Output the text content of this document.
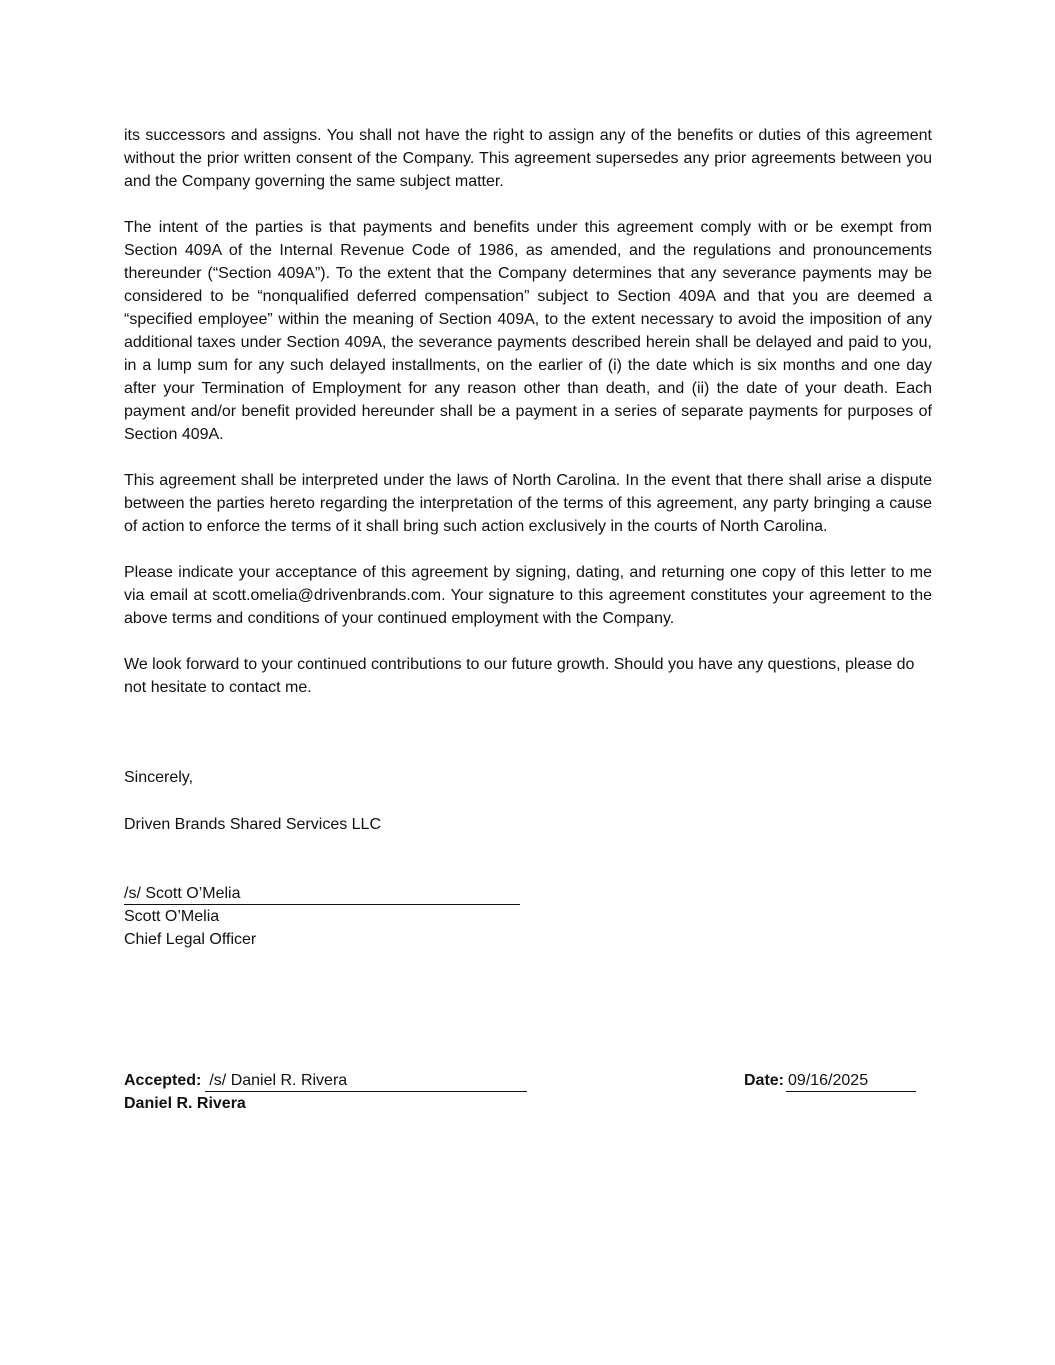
its successors and assigns. You shall not have the right to assign any of the benefits or duties of this agreement without the prior written consent of the Company. This agreement supersedes any prior agreements between you and the Company governing the same subject matter.

The intent of the parties is that payments and benefits under this agreement comply with or be exempt from Section 409A of the Internal Revenue Code of 1986, as amended, and the regulations and pronouncements thereunder (“Section 409A”). To the extent that the Company determines that any severance payments may be considered to be “nonqualified deferred compensation” subject to Section 409A and that you are deemed a “specified employee” within the meaning of Section 409A, to the extent necessary to avoid the imposition of any additional taxes under Section 409A, the severance payments described herein shall be delayed and paid to you, in a lump sum for any such delayed installments, on the earlier of (i) the date which is six months and one day after your Termination of Employment for any reason other than death, and (ii) the date of your death. Each payment and/or benefit provided hereunder shall be a payment in a series of separate payments for purposes of Section 409A.

This agreement shall be interpreted under the laws of North Carolina. In the event that there shall arise a dispute between the parties hereto regarding the interpretation of the terms of this agreement, any party bringing a cause of action to enforce the terms of it shall bring such action exclusively in the courts of North Carolina.

Please indicate your acceptance of this agreement by signing, dating, and returning one copy of this letter to me via email at scott.omelia@drivenbrands.com. Your signature to this agreement constitutes your agreement to the above terms and conditions of your continued employment with the Company.

We look forward to your continued contributions to our future growth. Should you have any questions, please do not hesitate to contact me.

Sincerely,
Driven Brands Shared Services LLC
/s/ Scott O’Melia
Scott O’Melia
Chief Legal Officer
Accepted: /s/ Daniel R. Rivera
Daniel R. Rivera
Date: 09/16/2025
